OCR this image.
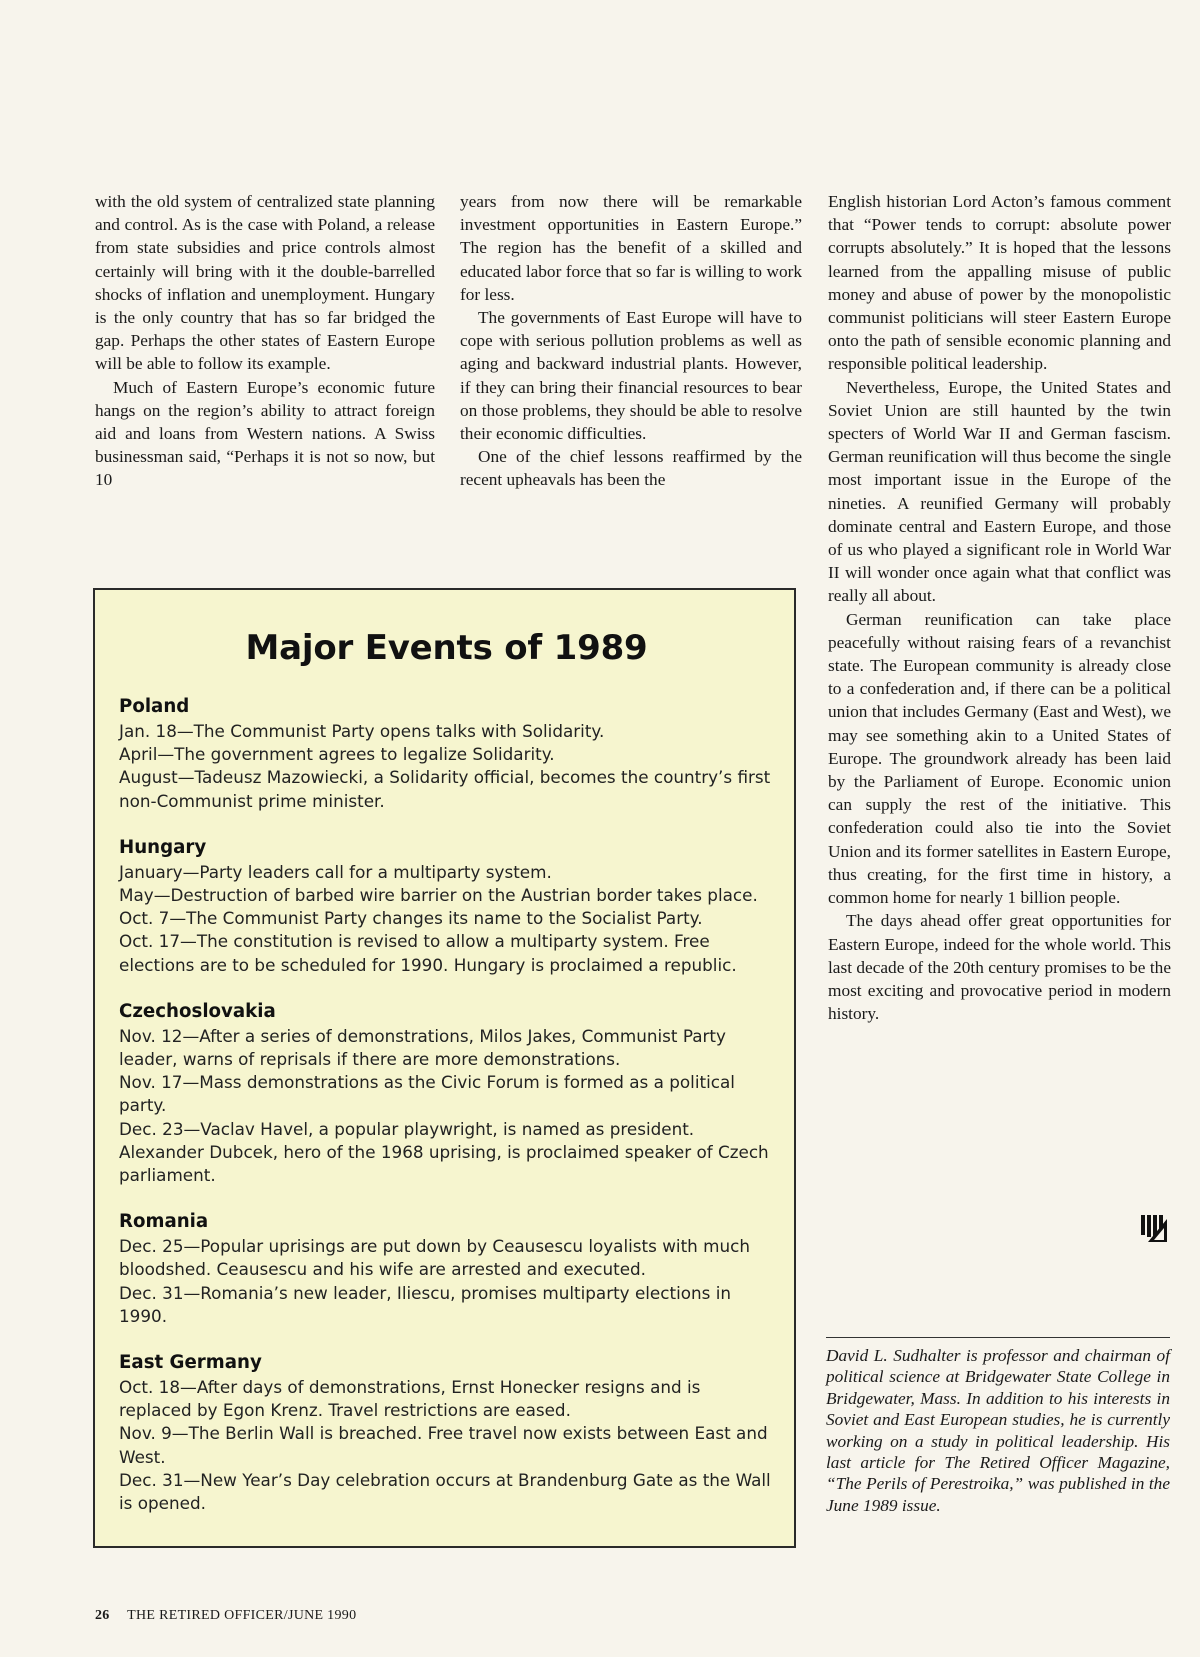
with the old system of centralized state planning and control. As is the case with Poland, a release from state subsidies and price controls almost certainly will bring with it the double-barrelled shocks of inflation and unemployment. Hungary is the only country that has so far bridged the gap. Perhaps the other states of Eastern Europe will be able to follow its example.

Much of Eastern Europe’s economic future hangs on the region’s ability to attract foreign aid and loans from Western nations. A Swiss businessman said, “Perhaps it is not so now, but 10

years from now there will be remarkable investment opportunities in Eastern Europe.” The region has the benefit of a skilled and educated labor force that so far is willing to work for less.

The governments of East Europe will have to cope with serious pollution problems as well as aging and backward industrial plants. However, if they can bring their financial resources to bear on those problems, they should be able to resolve their economic difficulties.

One of the chief lessons reaffirmed by the recent upheavals has been the

English historian Lord Acton’s famous comment that “Power tends to corrupt: absolute power corrupts absolutely.” It is hoped that the lessons learned from the appalling misuse of public money and abuse of power by the monopolistic communist politicians will steer Eastern Europe onto the path of sensible economic planning and responsible political leadership.

Nevertheless, Europe, the United States and Soviet Union are still haunted by the twin specters of World War II and German fascism. German reunification will thus become the single most important issue in the Europe of the nineties. A reunified Germany will probably dominate central and Eastern Europe, and those of us who played a significant role in World War II will wonder once again what that conflict was really all about.

German reunification can take place peacefully without raising fears of a revanchist state. The European community is already close to a confederation and, if there can be a political union that includes Germany (East and West), we may see something akin to a United States of Europe. The groundwork already has been laid by the Parliament of Europe. Economic union can supply the rest of the initiative. This confederation could also tie into the Soviet Union and its former satellites in Eastern Europe, thus creating, for the first time in history, a common home for nearly 1 billion people.

The days ahead offer great opportunities for Eastern Europe, indeed for the whole world. This last decade of the 20th century promises to be the most exciting and provocative period in modern history.

Major Events of 1989
Poland

Jan. 18—The Communist Party opens talks with Solidarity.

April—The government agrees to legalize Solidarity.

August—Tadeusz Mazowiecki, a Solidarity official, becomes the country’s first non-Communist prime minister.

Hungary

January—Party leaders call for a multiparty system.

May—Destruction of barbed wire barrier on the Austrian border takes place.

Oct. 7—The Communist Party changes its name to the Socialist Party.

Oct. 17—The constitution is revised to allow a multiparty system. Free elections are to be scheduled for 1990. Hungary is proclaimed a republic.

Czechoslovakia

Nov. 12—After a series of demonstrations, Milos Jakes, Communist Party leader, warns of reprisals if there are more demonstrations.

Nov. 17—Mass demonstrations as the Civic Forum is formed as a political party.

Dec. 23—Vaclav Havel, a popular playwright, is named as president. Alexander Dubcek, hero of the 1968 uprising, is proclaimed speaker of Czech parliament.

Romania

Dec. 25—Popular uprisings are put down by Ceausescu loyalists with much bloodshed. Ceausescu and his wife are arrested and executed.

Dec. 31—Romania’s new leader, Iliescu, promises multiparty elections in 1990.

East Germany

Oct. 18—After days of demonstrations, Ernst Honecker resigns and is replaced by Egon Krenz. Travel restrictions are eased.

Nov. 9—The Berlin Wall is breached. Free travel now exists between East and West.

Dec. 31—New Year’s Day celebration occurs at Brandenburg Gate as the Wall is opened.

David L. Sudhalter is professor and chairman of political science at Bridgewater State College in Bridgewater, Mass. In addition to his interests in Soviet and East European studies, he is currently working on a study in political leadership. His last article for The Retired Officer Magazine, “The Perils of Perestroika,” was published in the June 1989 issue.

26 THE RETIRED OFFICER/JUNE 1990
